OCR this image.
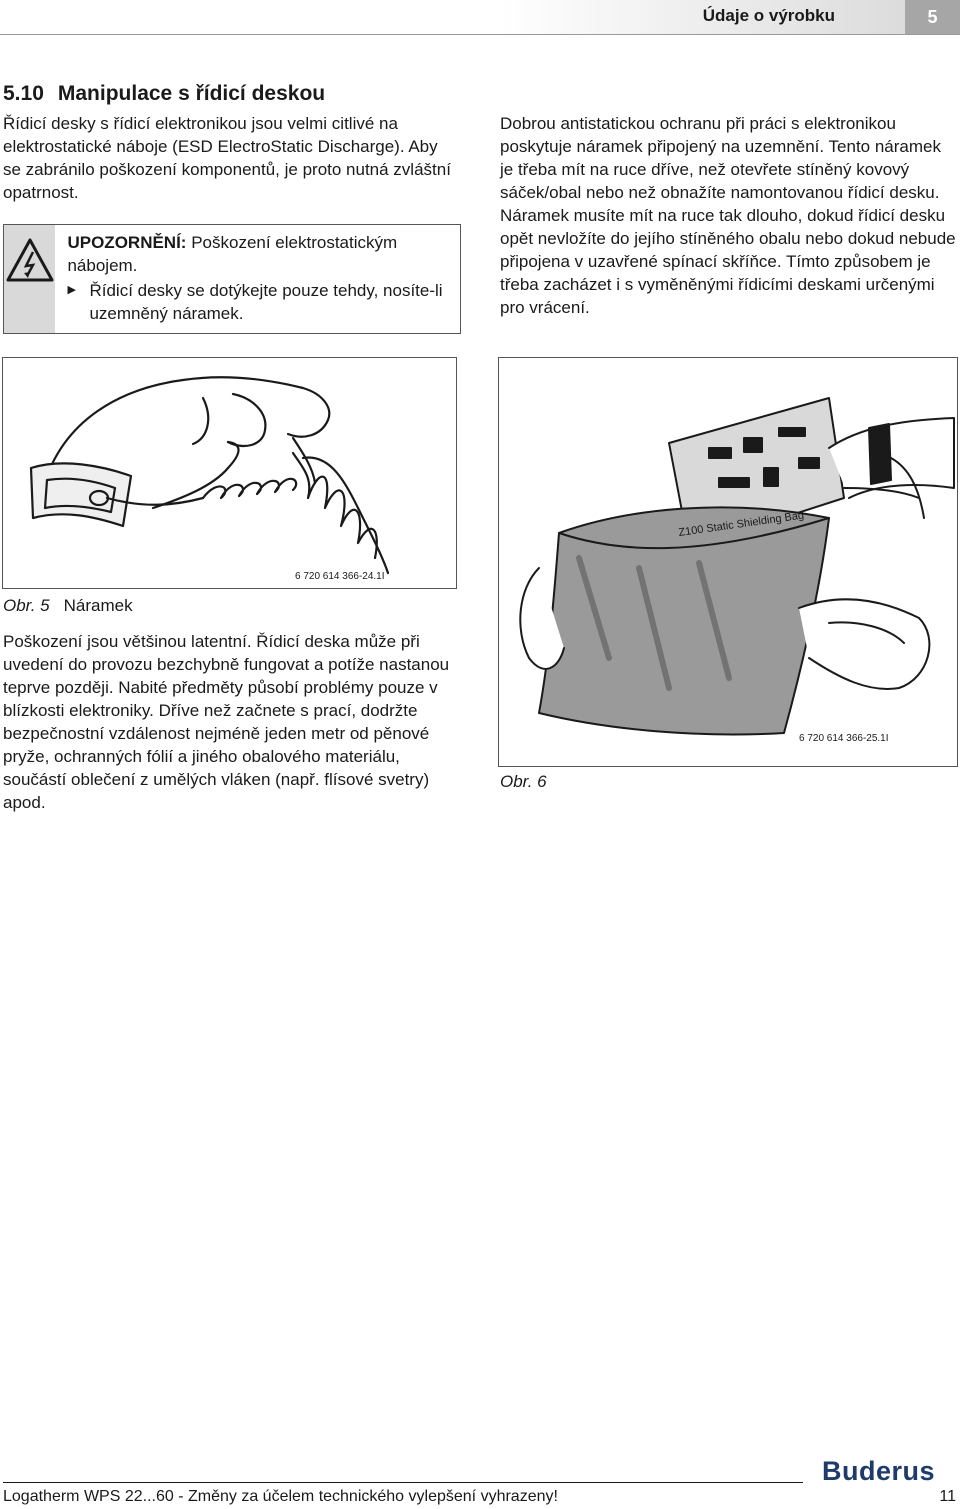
Údaje o výrobku	5
5.10 Manipulace s řídicí deskou
Řídicí desky s řídicí elektronikou jsou velmi citlivé na elektrostatické náboje (ESD ElectroStatic Discharge). Aby se zabránilo poškození komponentů, je proto nutná zvláštní opatrnost.
UPOZORNĚNÍ: Poškození elektrostatickým nábojem.
▶ Řídicí desky se dotýkejte pouze tehdy, nosíte-li uzemněný náramek.
Dobrou antistatickou ochranu při práci s elektronikou poskytuje náramek připojený na uzemnění. Tento náramek je třeba mít na ruce dříve, než otevřete stíněný kovový sáček/obal nebo než obnažíte namontovanou řídicí desku. Náramek musíte mít na ruce tak dlouho, dokud řídicí desku opět nevložíte do jejího stíněného obalu nebo dokud nebude připojena v uzavřené spínací skříňce. Tímto způsobem je třeba zacházet i s vyměněnými řídicími deskami určenými pro vrácení.
6 720 614 366-24.1I
Obr. 5 Náramek
Poškození jsou většinou latentní. Řídicí deska může při uvedení do provozu bezchybně fungovat a potíže nastanou teprve později. Nabité předměty působí problémy pouze v blízkosti elektroniky. Dříve než začnete s prací, dodržte bezpečnostní vzdálenost nejméně jeden metr od pěnové pryže, ochranných fólií a jiného obalového materiálu, součástí oblečení z umělých vláken (např. flísové svetry) apod.
Z100 Static Shielding Bag
6 720 614 366-25.1I
Obr. 6
Logatherm WPS 22...60 - Změny za účelem technického vylepšení vyhrazeny!
Buderus
11
